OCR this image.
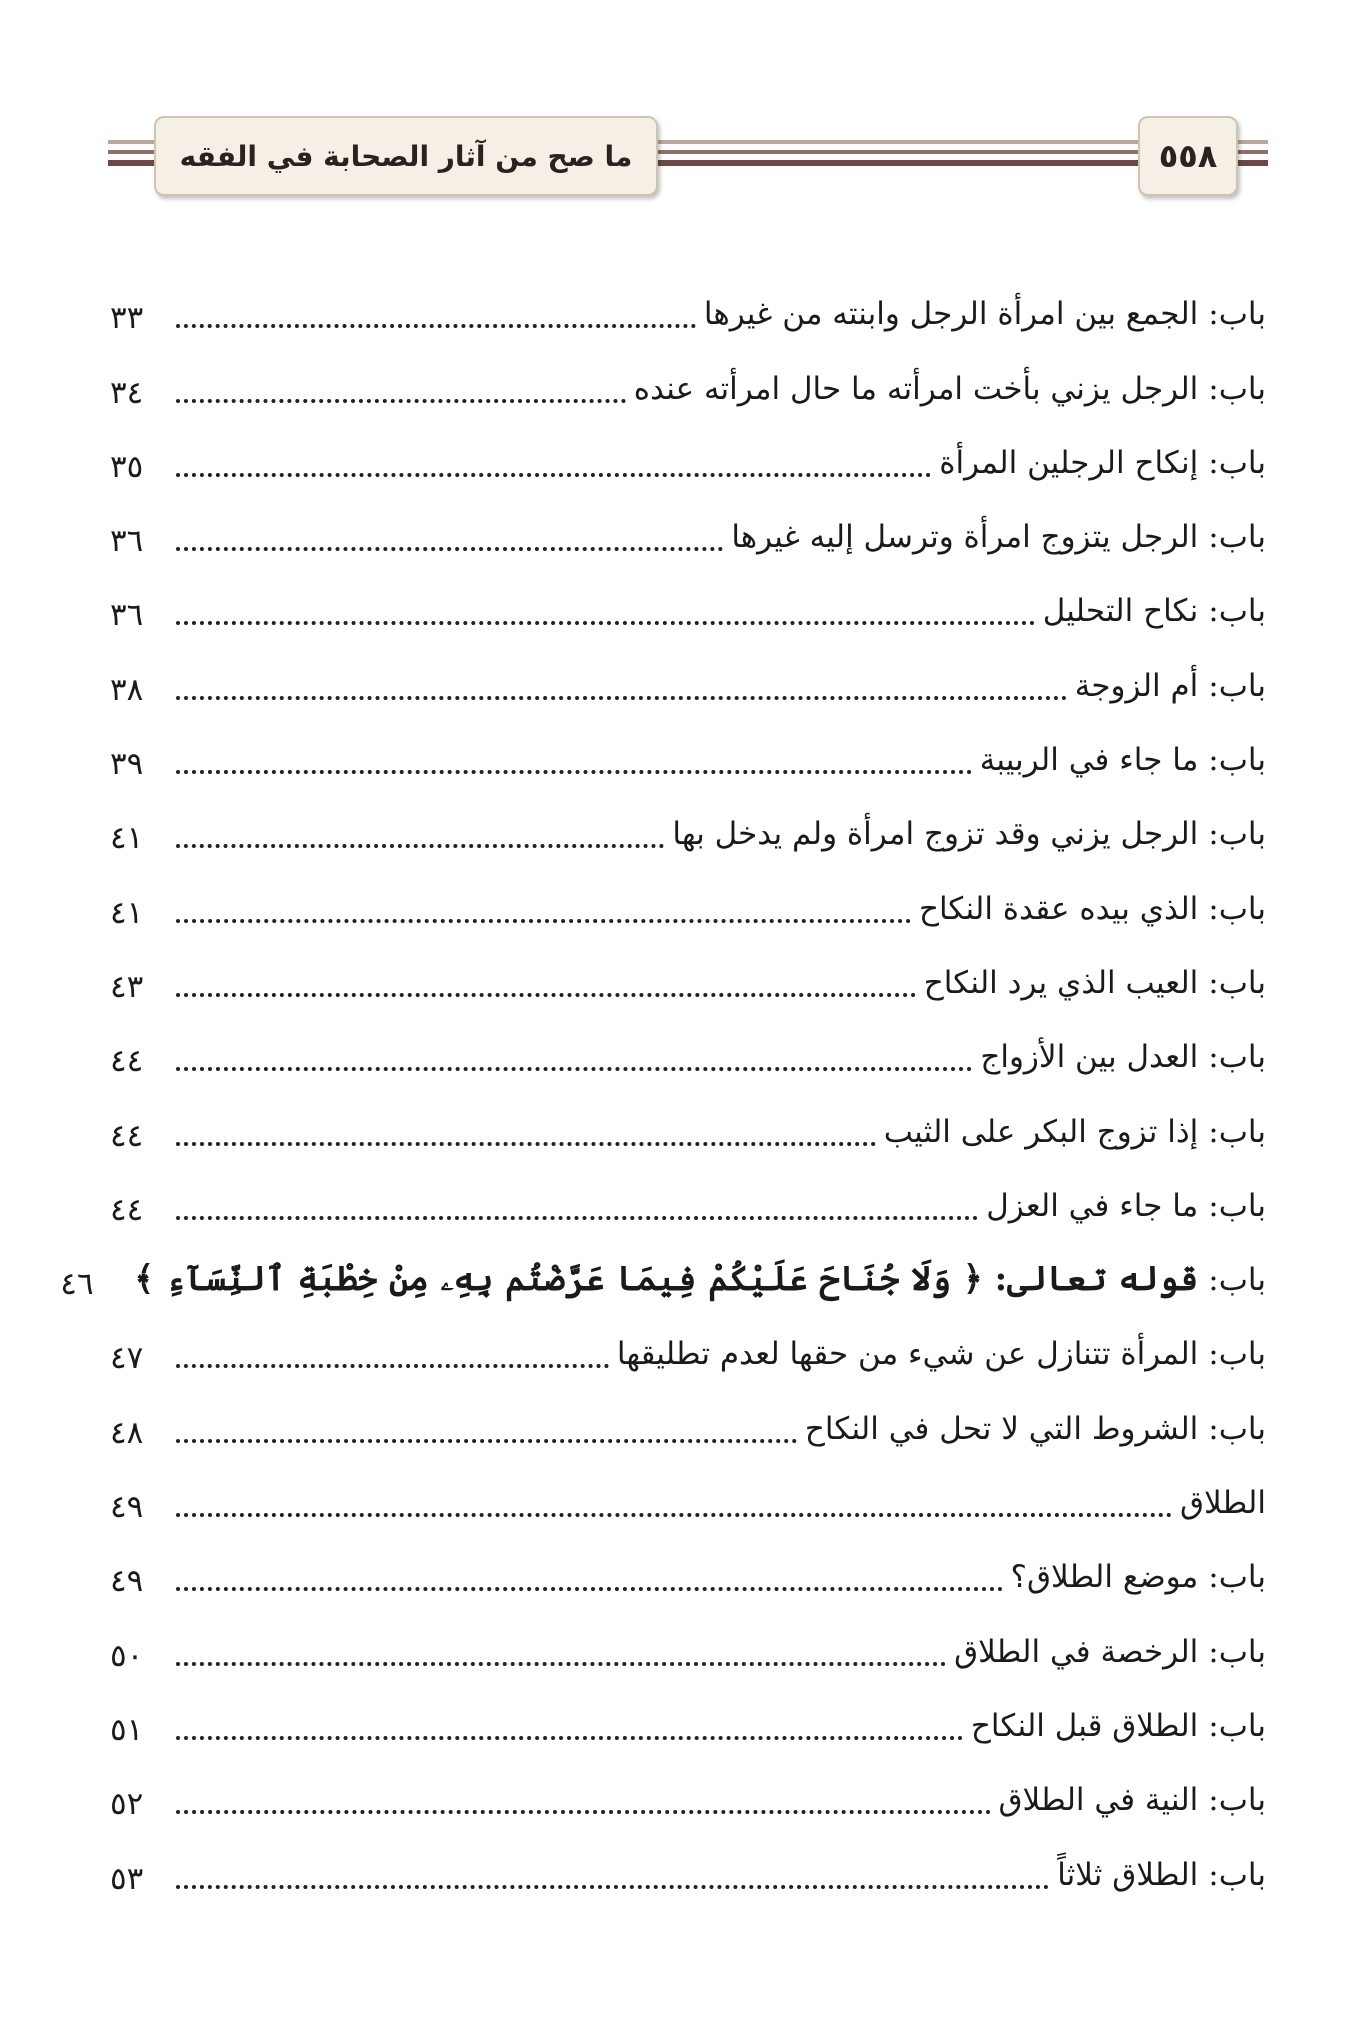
ما صح من آثار الصحابة في الفقه	٥٥٨
باب:الجمع بين امرأة الرجل وابنته من غيرها
٣٣
باب:الرجل يزني بأخت امرأته ما حال امرأته عنده
٣٤
باب:إنكاح الرجلين المرأة
٣٥
باب:الرجل يتزوج امرأة وترسل إليه غيرها
٣٦
باب:نكاح التحليل
٣٦
باب:أم الزوجة
٣٨
باب:ما جاء في الربيبة
٣٩
باب:الرجل يزني وقد تزوج امرأة ولم يدخل بها
٤١
باب:الذي بيده عقدة النكاح
٤١
باب:العيب الذي يرد النكاح
٤٣
باب:العدل بين الأزواج
٤٤
باب:إذا تزوج البكر على الثيب
٤٤
باب:ما جاء في العزل
٤٤
باب:قوله تعالى: ﴿ وَلَا جُنَاحَ عَلَيْكُمْ فِيمَا عَرَّضْتُم بِهِۦ مِنْ خِطْبَةِ ٱلنِّسَآءِ ﴾
٤٦
باب:المرأة تتنازل عن شيء من حقها لعدم تطليقها
٤٧
باب:الشروط التي لا تحل في النكاح
٤٨
الطلاق
٤٩
باب:موضع الطلاق؟
٤٩
باب:الرخصة في الطلاق
٥٠
باب:الطلاق قبل النكاح
٥١
باب:النية في الطلاق
٥٢
باب:الطلاق ثلاثاً
٥٣
